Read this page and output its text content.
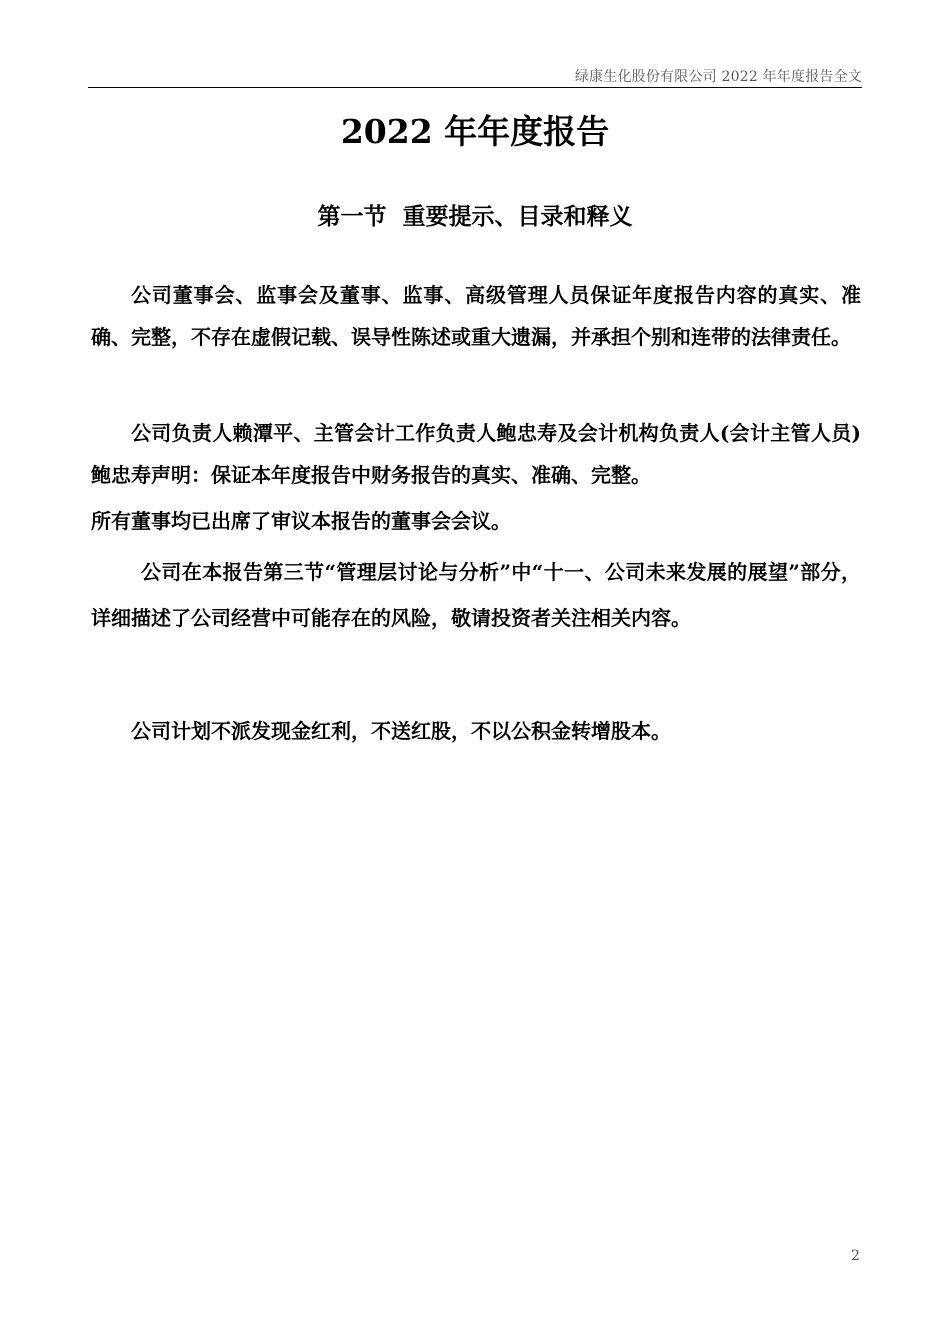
绿康生化股份有限公司 2022 年年度报告全文
2022 年年度报告
第一节  重要提示、目录和释义

公司董事会、监事会及董事、监事、高级管理人员保证年度报告内容的真实、准确、完整，不存在虚假记载、误导性陈述或重大遗漏，并承担个别和连带的法律责任。

公司负责人赖潭平、主管会计工作负责人鲍忠寿及会计机构负责人(会计主管人员)鲍忠寿声明：保证本年度报告中财务报告的真实、准确、完整。

所有董事均已出席了审议本报告的董事会会议。

公司在本报告第三节“管理层讨论与分析”中“十一、公司未来发展的展望”部分，详细描述了公司经营中可能存在的风险，敬请投资者关注相关内容。

公司计划不派发现金红利，不送红股，不以公积金转增股本。

2
